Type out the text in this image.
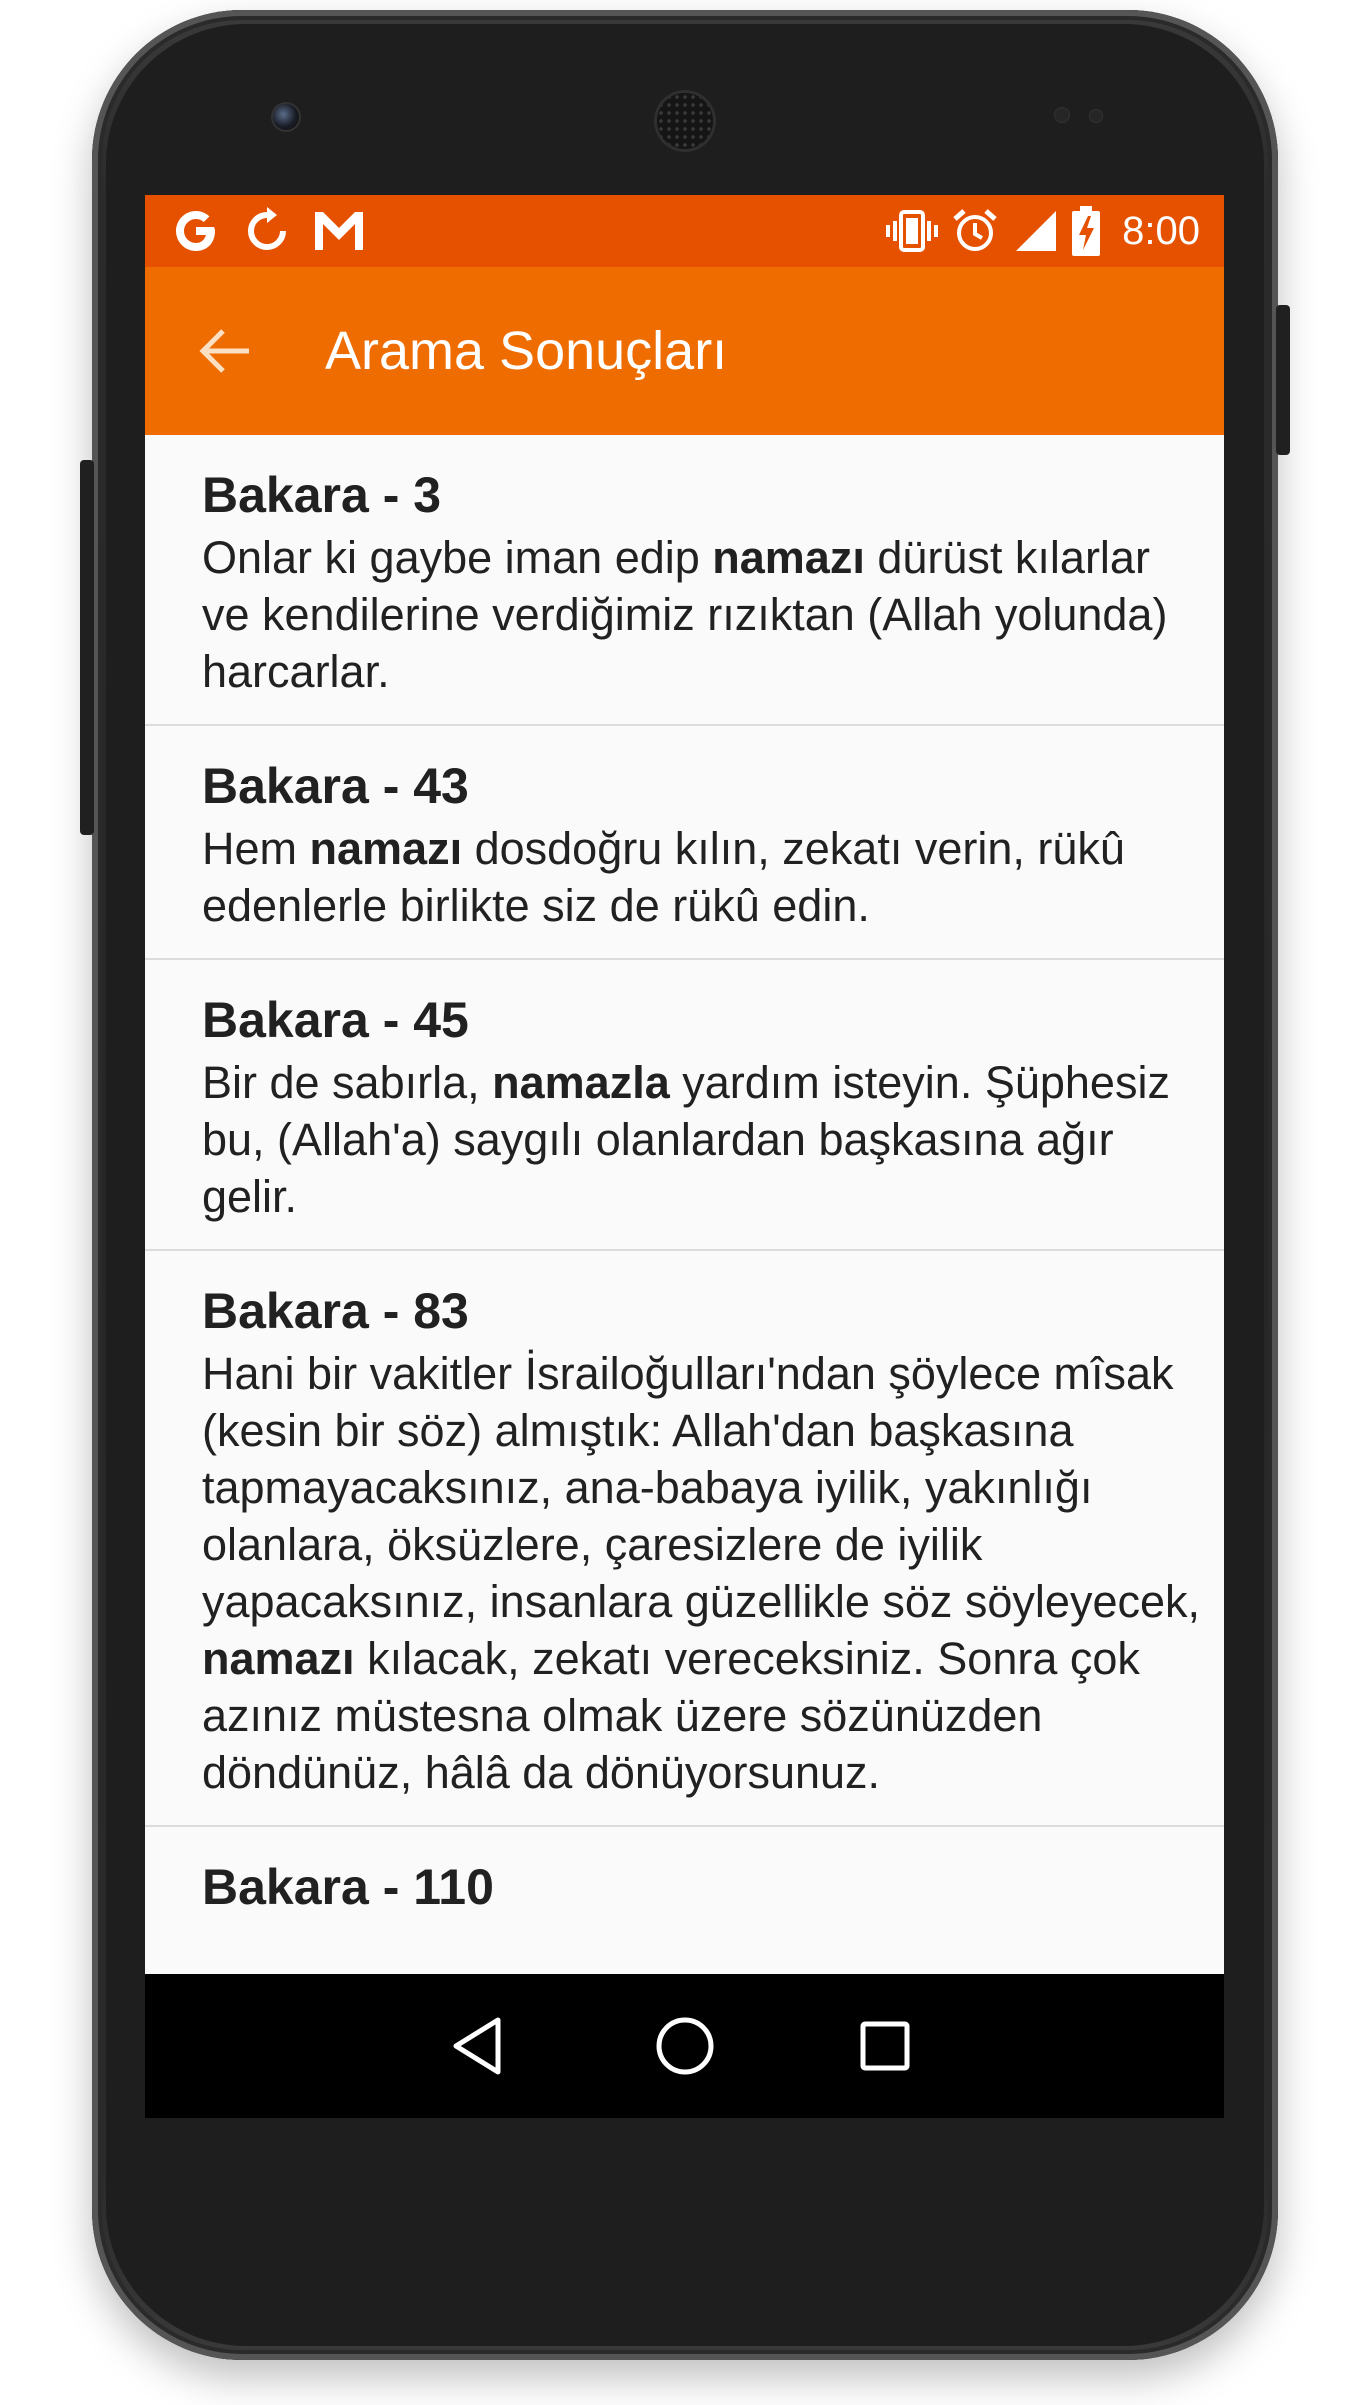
8:00
Arama Sonuçları
Bakara - 3
Onlar ki gaybe iman edip namazı dürüst kılarlar ve kendilerine verdiğimiz rızıktan (Allah yolunda) harcarlar.
Bakara - 43
Hem namazı dosdoğru kılın, zekatı verin, rükû edenlerle birlikte siz de rükû edin.
Bakara - 45
Bir de sabırla, namazla yardım isteyin. Şüphesiz bu, (Allah'a) saygılı olanlardan başkasına ağır gelir.
Bakara - 83
Hani bir vakitler İsrailoğulları'ndan şöylece mîsak (kesin bir söz) almıştık: Allah'dan başkasına tapmayacaksınız, ana-babaya iyilik, yakınlığı olanlara, öksüzlere, çaresizlere de iyilik yapacaksınız, insanlara güzellikle söz söyleyecek, namazı kılacak, zekatı vereceksiniz. Sonra çok azınız müstesna olmak üzere sözünüzden döndünüz, hâlâ da dönüyorsunuz.
Bakara - 110
